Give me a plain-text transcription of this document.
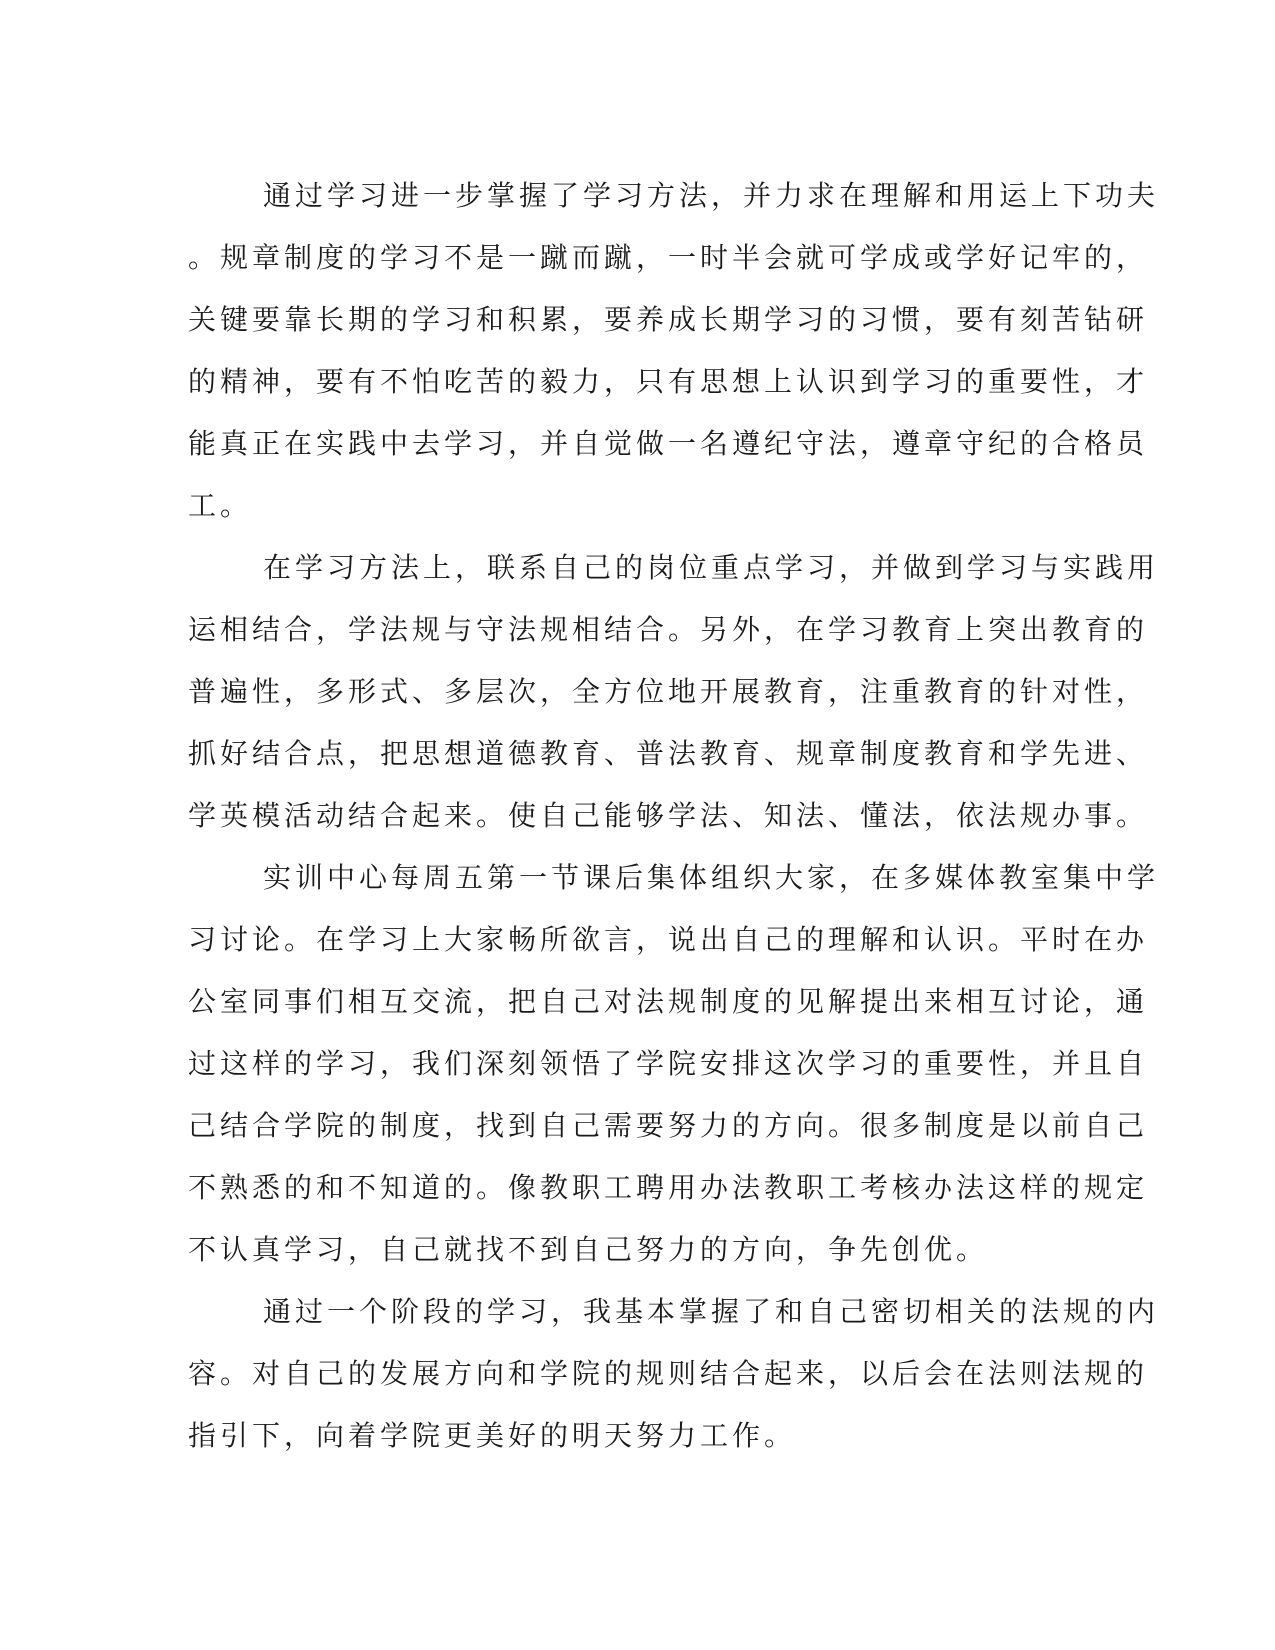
通过学习进一步掌握了学习方法，并力求在理解和用运上下功夫
。规章制度的学习不是一蹴而蹴，一时半会就可学成或学好记牢的，
关键要靠长期的学习和积累，要养成长期学习的习惯，要有刻苦钻研
的精神，要有不怕吃苦的毅力，只有思想上认识到学习的重要性，才
能真正在实践中去学习，并自觉做一名遵纪守法，遵章守纪的合格员
工。
在学习方法上，联系自己的岗位重点学习，并做到学习与实践用
运相结合，学法规与守法规相结合。另外，在学习教育上突出教育的
普遍性，多形式、多层次，全方位地开展教育，注重教育的针对性，
抓好结合点，把思想道德教育、普法教育、规章制度教育和学先进、
学英模活动结合起来。使自己能够学法、知法、懂法，依法规办事。
实训中心每周五第一节课后集体组织大家，在多媒体教室集中学
习讨论。在学习上大家畅所欲言，说出自己的理解和认识。平时在办
公室同事们相互交流，把自己对法规制度的见解提出来相互讨论，通
过这样的学习，我们深刻领悟了学院安排这次学习的重要性，并且自
己结合学院的制度，找到自己需要努力的方向。很多制度是以前自己
不熟悉的和不知道的。像教职工聘用办法教职工考核办法这样的规定
不认真学习，自己就找不到自己努力的方向，争先创优。
通过一个阶段的学习，我基本掌握了和自己密切相关的法规的内
容。对自己的发展方向和学院的规则结合起来，以后会在法则法规的
指引下，向着学院更美好的明天努力工作。
